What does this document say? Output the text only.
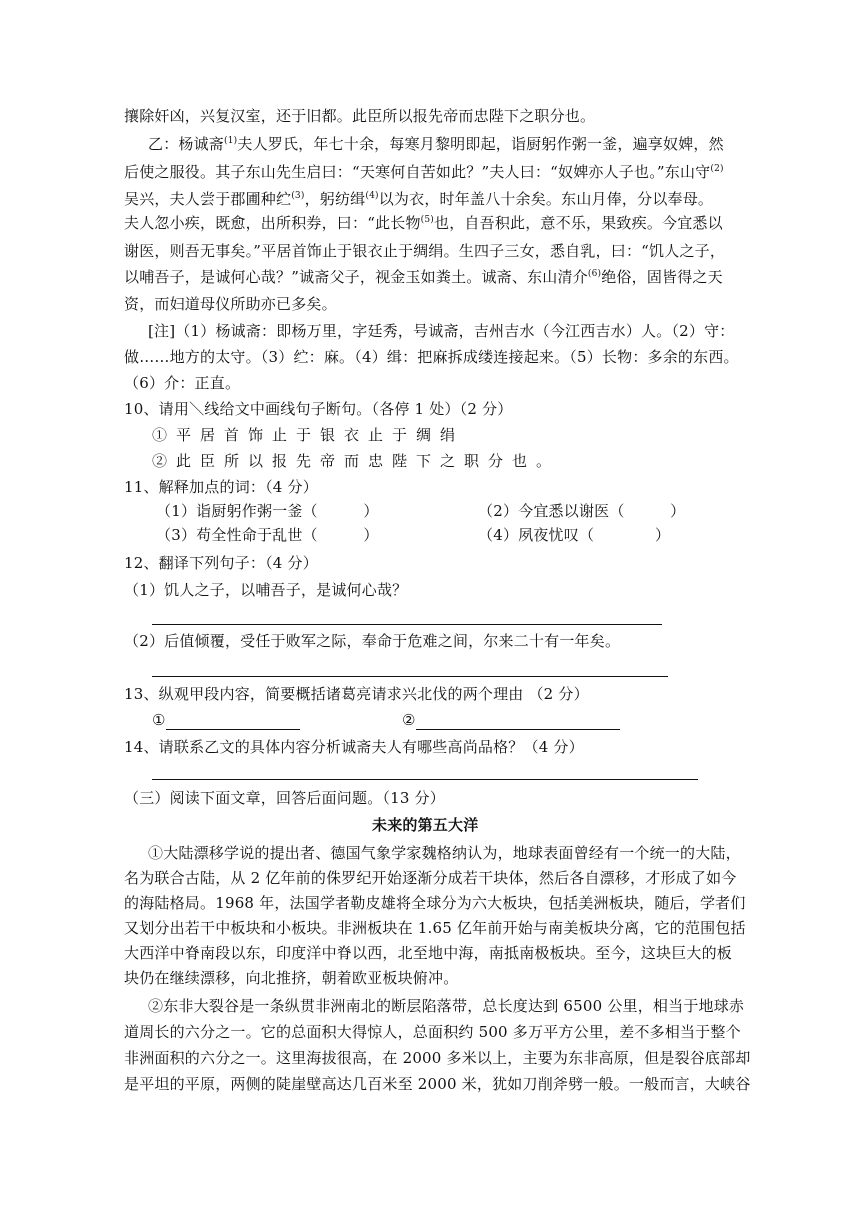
攘除奸凶，兴复汉室，还于旧都。此臣所以报先帝而忠陛下之职分也。
乙：杨诚斋$^{(1)}$夫人罗氏，年七十余，每寒月黎明即起，诣厨躬作粥一釜，遍享奴婢，然
后使之服役。其子东山先生启曰：“天寒何自苦如此？”夫人曰：“奴婢亦人子也。”东山守$^{(2)}$
吴兴，夫人尝于郡圃种纻$^{(3)}$，躬纺缉$^{(4)}$以为衣，时年盖八十余矣。东山月俸，分以奉母。
夫人忽小疾，既愈，出所积券，曰：“此长物$^{(5)}$也，自吾积此，意不乐，果致疾。今宜悉以
谢医，则吾无事矣。”平居首饰止于银衣止于绸绢。生四子三女，悉自乳，曰：“饥人之子，
以哺吾子，是诚何心哉？”诚斋父子，视金玉如粪土。诚斋、东山清介$^{(6)}$绝俗，固皆得之天
资，而妇道母仪所助亦已多矣。
[注]（1）杨诚斋：即杨万里，字廷秀，号诚斋，吉州吉水（今江西吉水）人。（2）守：
做……地方的太守。（3）纻：麻。（4）缉：把麻拆成缕连接起来。（5）长物：多余的东西。
（6）介：正直。
10、请用＼线给文中画线句子断句。（各停 1 处）（2 分）
①平居首饰止于银衣止于绸绢
②此臣所以报先帝而忠陛下之职分也。
11、解释加点的词：（4 分）
（1）诣厨躬作粥一釜（　　　）	（2）今宜悉以谢医（　　　）
（3）苟全性命于乱世（　　　）	（4）夙夜忧叹（　　　　）
12、翻译下列句子：（4 分）
（1）饥人之子，以哺吾子，是诚何心哉？
（2）后值倾覆，受任于败军之际，奉命于危难之间，尔来二十有一年矣。
13、纵观甲段内容，简要概括诸葛亮请求兴北伐的两个理由 （2 分）
①	②
14、请联系乙文的具体内容分析诚斋夫人有哪些高尚品格？（4 分）
（三）阅读下面文章，回答后面问题。（13 分）
未来的第五大洋
①大陆漂移学说的提出者、德国气象学家魏格纳认为，地球表面曾经有一个统一的大陆，
名为联合古陆，从 2 亿年前的侏罗纪开始逐渐分成若干块体，然后各自漂移，才形成了如今
的海陆格局。1968 年，法国学者勒皮雄将全球分为六大板块，包括美洲板块，随后，学者们
又划分出若干中板块和小板块。非洲板块在 1.65 亿年前开始与南美板块分离，它的范围包括
大西洋中脊南段以东，印度洋中脊以西，北至地中海，南抵南极板块。至今，这块巨大的板
块仍在继续漂移，向北推挤，朝着欧亚板块俯冲。
②东非大裂谷是一条纵贯非洲南北的断层陷落带，总长度达到 6500 公里，相当于地球赤
道周长的六分之一。它的总面积大得惊人，总面积约 500 多万平方公里，差不多相当于整个
非洲面积的六分之一。这里海拔很高，在 2000 多米以上，主要为东非高原，但是裂谷底部却
是平坦的平原，两侧的陡崖壁高达几百米至 2000 米，犹如刀削斧劈一般。一般而言，大峡谷
